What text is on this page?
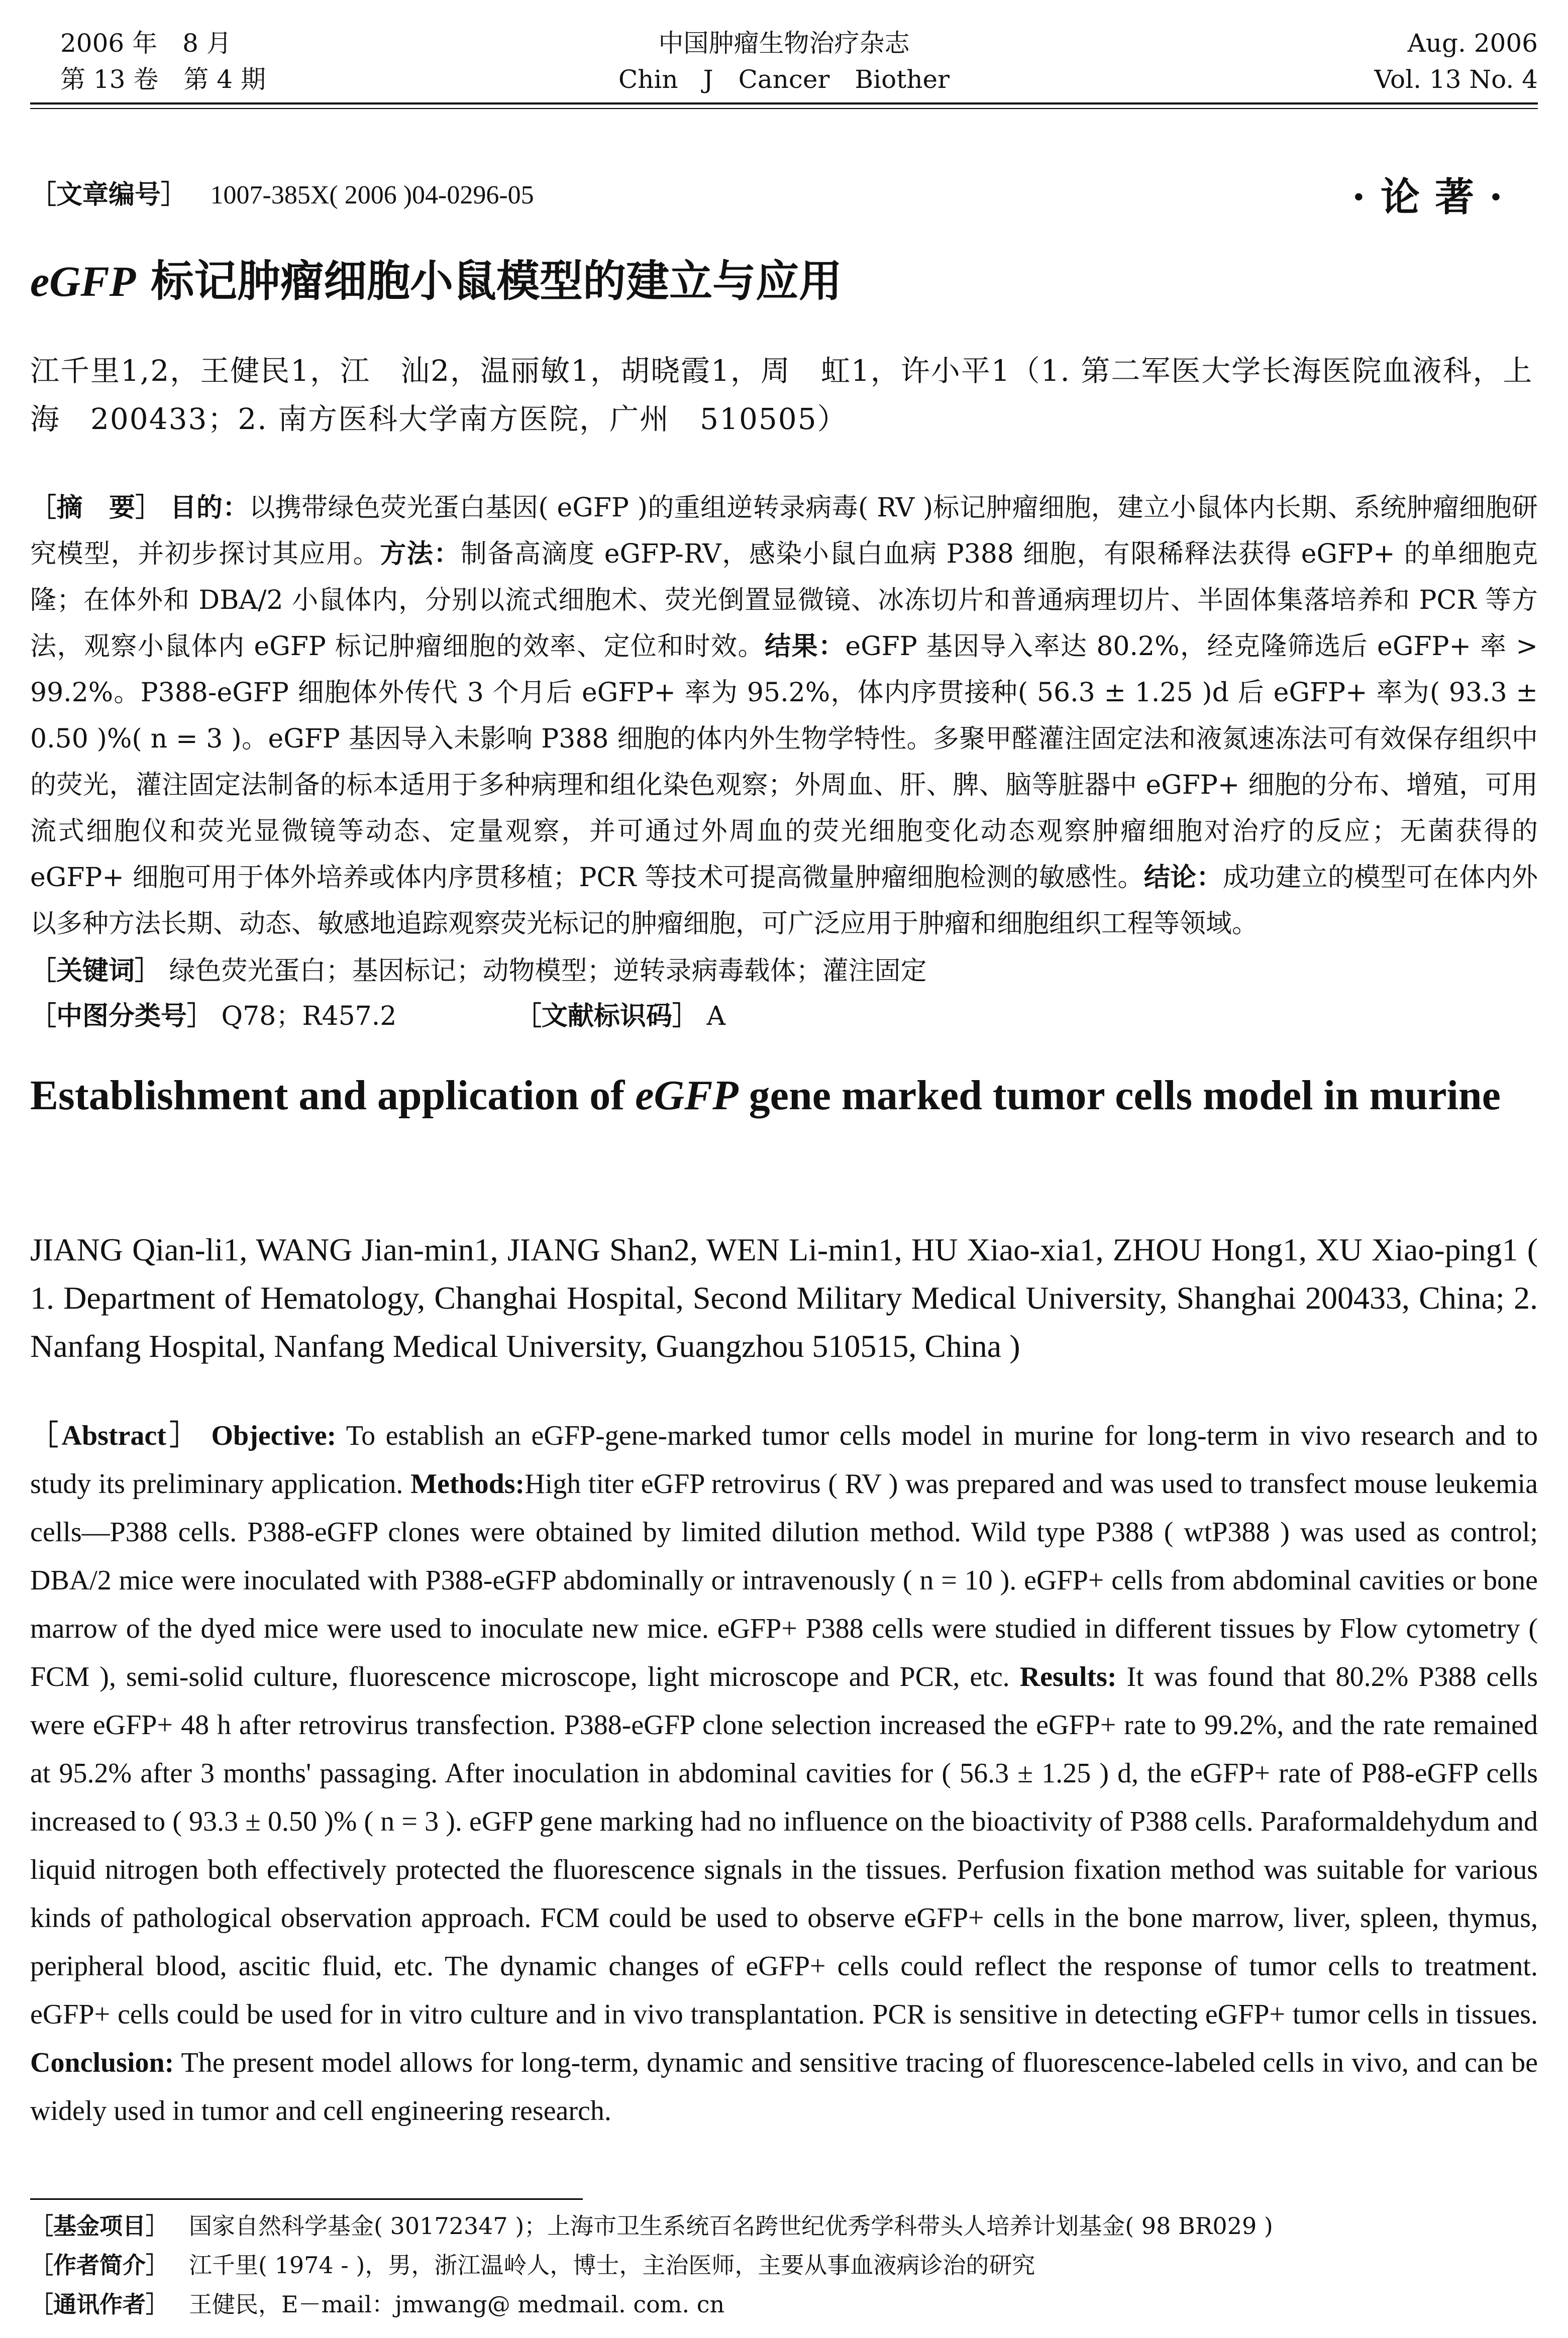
2006 年　8 月
第 13 卷　第 4 期
中国肿瘤生物治疗杂志
Chin　J　Cancer　Biother
Aug. 2006
Vol. 13 No. 4
［文章编号］ 1007-385X( 2006 )04-0296-05	·论著·
eGFP 标记肿瘤细胞小鼠模型的建立与应用
江千里1,2，王健民1，江　汕2，温丽敏1，胡晓霞1，周　虹1，许小平1（1. 第二军医大学长海医院血液科，上海　200433；2. 南方医科大学南方医院，广州　510505）
［摘　要］ 目的：以携带绿色荧光蛋白基因( eGFP )的重组逆转录病毒( RV )标记肿瘤细胞，建立小鼠体内长期、系统肿瘤细胞研究模型，并初步探讨其应用。方法：制备高滴度 eGFP-RV，感染小鼠白血病 P388 细胞，有限稀释法获得 eGFP+ 的单细胞克隆；在体外和 DBA/2 小鼠体内，分别以流式细胞术、荧光倒置显微镜、冰冻切片和普通病理切片、半固体集落培养和 PCR 等方法，观察小鼠体内 eGFP 标记肿瘤细胞的效率、定位和时效。结果：eGFP 基因导入率达 80.2%，经克隆筛选后 eGFP+ 率 > 99.2%。P388-eGFP 细胞体外传代 3 个月后 eGFP+ 率为 95.2%，体内序贯接种( 56.3 ± 1.25 )d 后 eGFP+ 率为( 93.3 ± 0.50 )%( n = 3 )。eGFP 基因导入未影响 P388 细胞的体内外生物学特性。多聚甲醛灌注固定法和液氮速冻法可有效保存组织中的荧光，灌注固定法制备的标本适用于多种病理和组化染色观察；外周血、肝、脾、脑等脏器中 eGFP+ 细胞的分布、增殖，可用流式细胞仪和荧光显微镜等动态、定量观察，并可通过外周血的荧光细胞变化动态观察肿瘤细胞对治疗的反应；无菌获得的 eGFP+ 细胞可用于体外培养或体内序贯移植；PCR 等技术可提高微量肿瘤细胞检测的敏感性。结论：成功建立的模型可在体内外以多种方法长期、动态、敏感地追踪观察荧光标记的肿瘤细胞，可广泛应用于肿瘤和细胞组织工程等领域。
［关键词］ 绿色荧光蛋白；基因标记；动物模型；逆转录病毒载体；灌注固定
［中图分类号］ Q78；R457.2	［文献标识码］ A
Establishment and application of eGFP gene marked tumor cells model in murine
JIANG Qian-li1, WANG Jian-min1, JIANG Shan2, WEN Li-min1, HU Xiao-xia1, ZHOU Hong1, XU Xiao-ping1 ( 1. Department of Hematology, Changhai Hospital, Second Military Medical University, Shanghai 200433, China; 2. Nanfang Hospital, Nanfang Medical University, Guangzhou 510515, China )
［Abstract］ Objective: To establish an eGFP-gene-marked tumor cells model in murine for long-term in vivo research and to study its preliminary application. Methods:High titer eGFP retrovirus ( RV ) was prepared and was used to transfect mouse leukemia cells—P388 cells. P388-eGFP clones were obtained by limited dilution method. Wild type P388 ( wtP388 ) was used as control; DBA/2 mice were inoculated with P388-eGFP abdominally or intravenously ( n = 10 ). eGFP+ cells from abdominal cavities or bone marrow of the dyed mice were used to inoculate new mice. eGFP+ P388 cells were studied in different tissues by Flow cytometry ( FCM ), semi-solid culture, fluorescence microscope, light microscope and PCR, etc. Results: It was found that 80.2% P388 cells were eGFP+ 48 h after retrovirus transfection. P388-eGFP clone selection increased the eGFP+ rate to 99.2%, and the rate remained at 95.2% after 3 months' passaging. After inoculation in abdominal cavities for ( 56.3 ± 1.25 ) d, the eGFP+ rate of P88-eGFP cells increased to ( 93.3 ± 0.50 )% ( n = 3 ). eGFP gene marking had no influence on the bioactivity of P388 cells. Paraformaldehydum and liquid nitrogen both effectively protected the fluorescence signals in the tissues. Perfusion fixation method was suitable for various kinds of pathological observation approach. FCM could be used to observe eGFP+ cells in the bone marrow, liver, spleen, thymus, peripheral blood, ascitic fluid, etc. The dynamic changes of eGFP+ cells could reflect the response of tumor cells to treatment. eGFP+ cells could be used for in vitro culture and in vivo transplantation. PCR is sensitive in detecting eGFP+ tumor cells in tissues. Conclusion: The present model allows for long-term, dynamic and sensitive tracing of fluorescence-labeled cells in vivo, and can be widely used in tumor and cell engineering research.
［基金项目］ 国家自然科学基金( 30172347 )；上海市卫生系统百名跨世纪优秀学科带头人培养计划基金( 98 BR029 )
［作者简介］ 江千里( 1974 - )，男，浙江温岭人，博士，主治医师，主要从事血液病诊治的研究
［通讯作者］ 王健民，E－mail：jmwang@ medmail. com. cn
